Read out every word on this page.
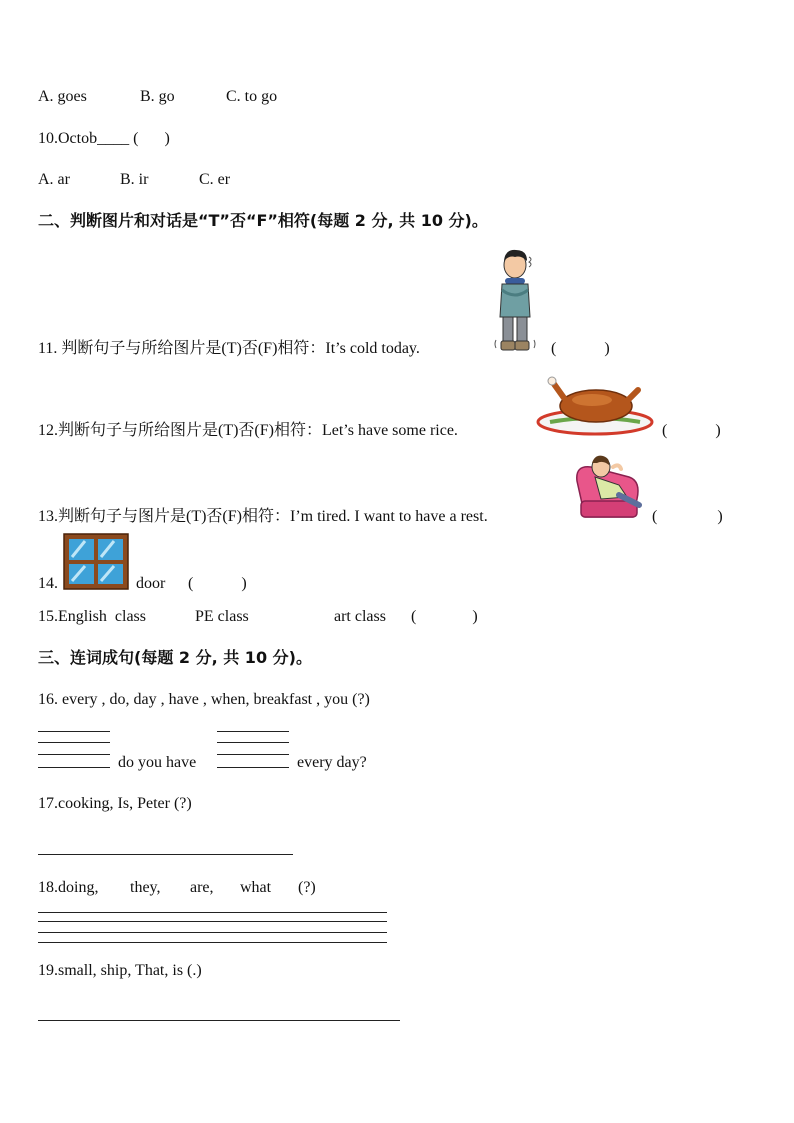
A. goes	B. go	C. to go
10.Octob____ ( )
A. ar	B. ir	C. er
二、判断图片和对话是“T”否“F”相符(每题 2 分, 共 10 分)。
11. 判断句子与所给图片是(T)否(F)相符：It’s cold today.	(	)
12.判断句子与所给图片是(T)否(F)相符：Let’s have some rice.	(	)
13.判断句子与图片是(T)否(F)相符：I’m tired. I want to have a rest.	(	)
14.	door (	)
15.English class	PE class	art class (	)
三、连词成句(每题 2 分, 共 10 分)。
16. every , do, day , have , when, breakfast , you (?)
do you have	every day?
17.cooking, Is, Peter (?)
18.doing, they, are, what (?)
19.small, ship, That, is (.)
